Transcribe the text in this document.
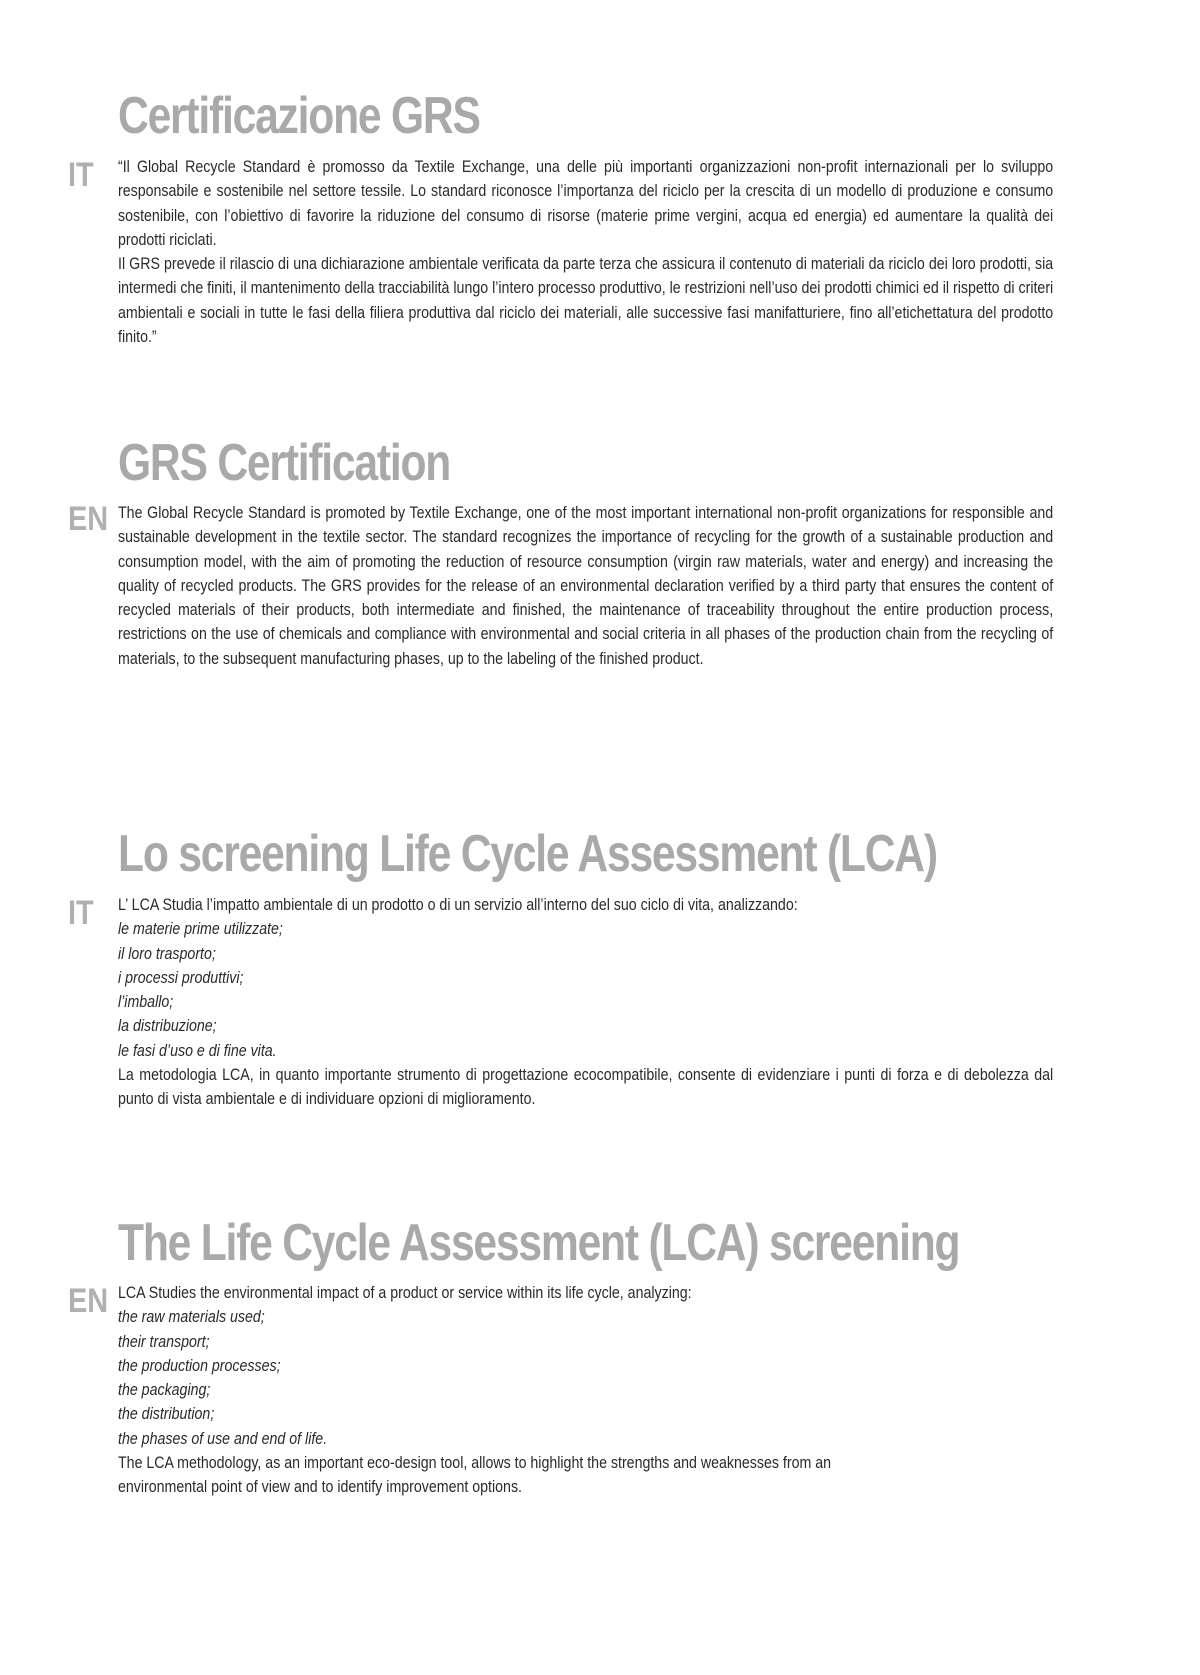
Certificazione GRS
IT “Il Global Recycle Standard è promosso da Textile Exchange, una delle più importanti organizzazioni non-profit internazionali per lo sviluppo responsabile e sostenibile nel settore tessile. Lo standard riconosce l’importanza del riciclo per la crescita di un modello di produzione e consumo sostenibile, con l’obiettivo di favorire la riduzione del consumo di risorse (materie prime vergini, acqua ed energia) ed aumentare la qualità dei prodotti riciclati.

Il GRS prevede il rilascio di una dichiarazione ambientale verificata da parte terza che assicura il contenuto di materiali da riciclo dei loro prodotti, sia intermedi che finiti, il mantenimento della tracciabilità lungo l’intero processo produttivo, le restrizioni nell’uso dei prodotti chimici ed il rispetto di criteri ambientali e sociali in tutte le fasi della filiera produttiva dal riciclo dei materiali, alle successive fasi manifatturiere, fino all’etichettatura del prodotto finito.”

GRS Certification
EN The Global Recycle Standard is promoted by Textile Exchange, one of the most important international non-profit organizations for responsible and sustainable development in the textile sector. The standard recognizes the importance of recycling for the growth of a sustainable production and consumption model, with the aim of promoting the reduction of resource consumption (virgin raw materials, water and energy) and increasing the quality of recycled products. The GRS provides for the release of an environmental declaration verified by a third party that ensures the content of recycled materials of their products, both intermediate and finished, the maintenance of traceability throughout the entire production process, restrictions on the use of chemicals and compliance with environmental and social criteria in all phases of the production chain from the recycling of materials, to the subsequent manufacturing phases, up to the labeling of the finished product.

Lo screening Life Cycle Assessment (LCA)
IT L’ LCA Studia l’impatto ambientale di un prodotto o di un servizio all’interno del suo ciclo di vita, analizzando:

le materie prime utilizzate;
il loro trasporto;
i processi produttivi;
l’imballo;
la distribuzione;
le fasi d’uso e di fine vita.

La metodologia LCA, in quanto importante strumento di progettazione ecocompatibile, consente di evidenziare i punti di forza e di debolezza dal punto di vista ambientale e di individuare opzioni di miglioramento.

The Life Cycle Assessment (LCA) screening
EN LCA Studies the environmental impact of a product or service within its life cycle, analyzing:

the raw materials used;
their transport;
the production processes;
the packaging;
the distribution;
the phases of use and end of life.

The LCA methodology, as an important eco-design tool, allows to highlight the strengths and weaknesses from an
environmental point of view and to identify improvement options.
